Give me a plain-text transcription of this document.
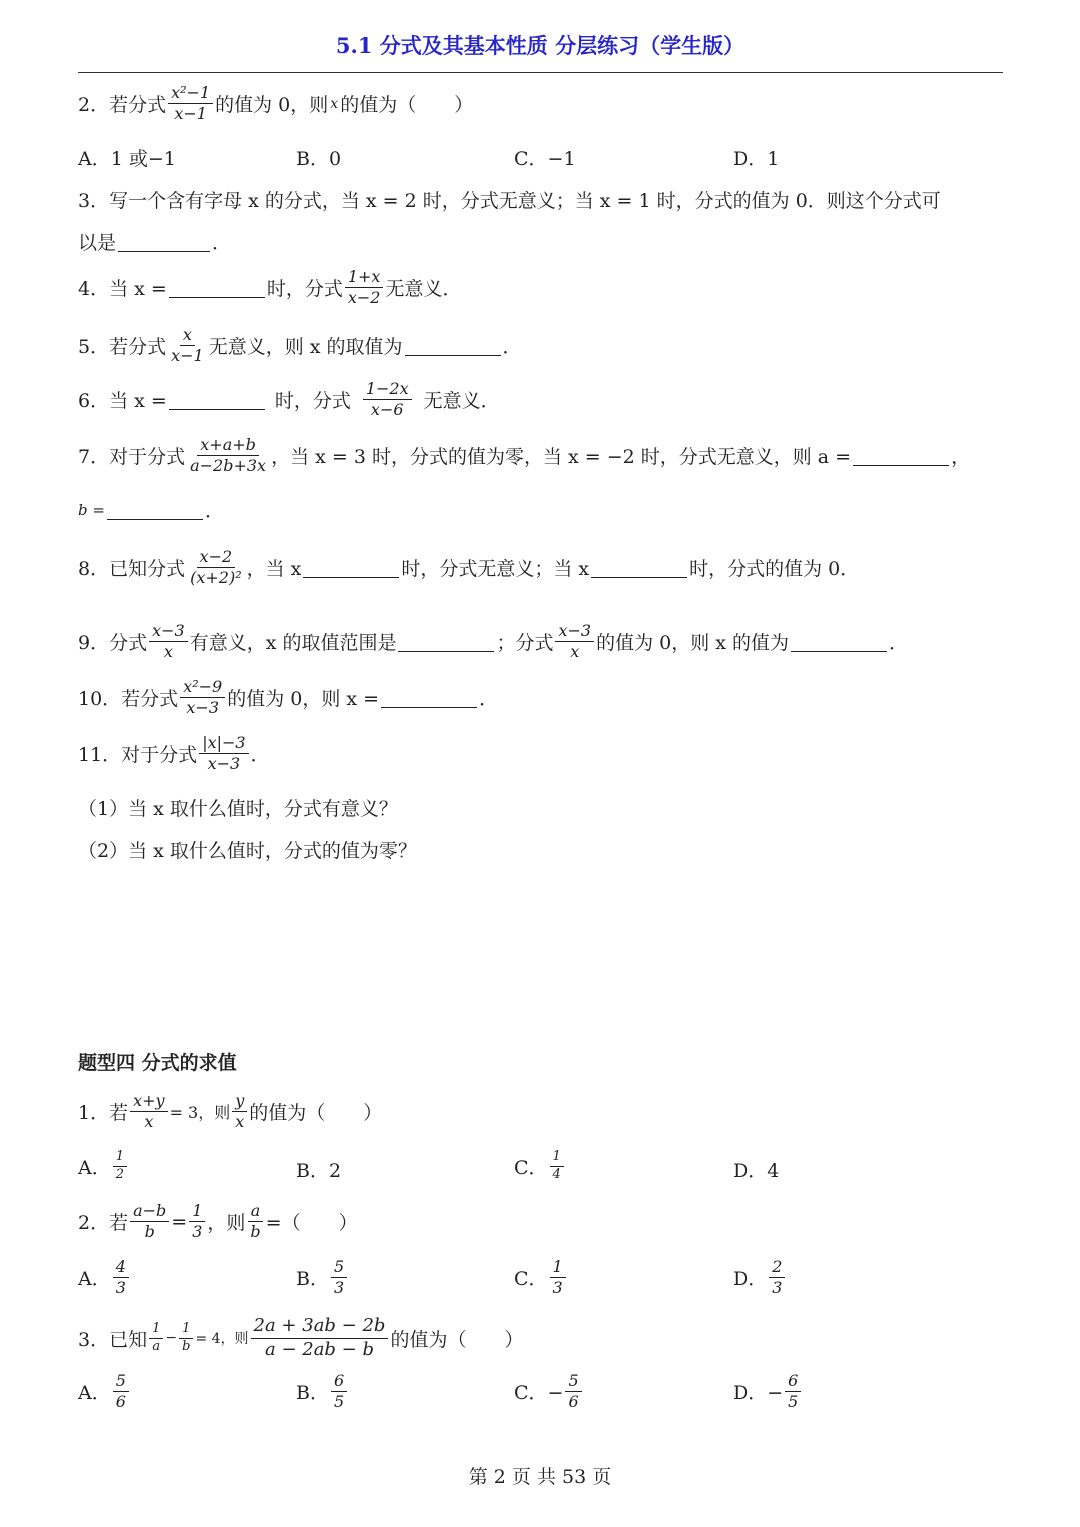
5.1 分式及其基本性质 分层练习（学生版）
2． 若分式 $\frac{\text{x²−1}}{x-1}$ 的值为 0，则 x 的值为（　　）
A．1 或−1	B．0	C．−1	D．1
3．写一个含有字母 x 的分式，当 x = 2 时，分式无意义；当 x = 1 时，分式的值为 0．则这个分式可
以是	．
4．当 x =	时，分式 $\frac{1+x}{x-2}$ 无意义．
5．若分式 $\frac{x}{x-1}$ 无意义，则 x 的取值为	．
6．当 x =	时，分式 $\frac{1-2x}{x-6}$ 无意义．
7．对于分式 $\frac{x+a+b}{a-2b+3x}$ ，当 x = 3 时，分式的值为零，当 x = −2 时，分式无意义，则 a =	，
b =	．
8．已知分式 $\frac{x-2}{\text{(x+2)²}}$ ，当 x	时，分式无意义；当 x	时，分式的值为 0．
9．分式 $\frac{x-3}{x}$ 有意义，x 的取值范围是	；分式 $\frac{x-3}{x}$ 的值为 0，则 x 的值为	．
10．若分式 $\frac{\text{x²−9}}{x-3}$ 的值为 0，则 x =	．
11．对于分式 $\frac{|x|-3}{x-3}$ ．
（1）当 x 取什么值时，分式有意义？
（2）当 x 取什么值时，分式的值为零？
题型四 分式的求值
1．若 $\frac{x+y}{x} = 3$，则 $\frac{y}{x}$ 的值为（　　）
A． $\frac{1}{2}$	B．2	C． $\frac{1}{4}$	D．4
2．若 $\frac{a-b}{b} = \frac{1}{3}$ ，则 $\frac{a}{b}$ =（　　）
A． $\frac{4}{3}$	B． $\frac{5}{3}$	C． $\frac{1}{3}$	D． $\frac{2}{3}$
3．已知 $\frac{1}{a} - \frac{1}{b} = 4$，则 $\frac{2a + 3ab - 2b}{a - 2ab - b}$ 的值为（　　）
A． $\frac{5}{6}$	B． $\frac{6}{5}$	C．− $\frac{5}{6}$	D．− $\frac{6}{5}$
第 2 页 共 53 页
